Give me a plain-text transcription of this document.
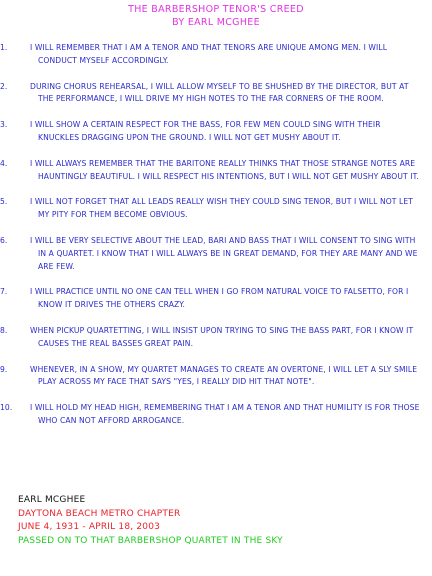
THE BARBERSHOP TENOR'S CREED
BY EARL MCGHEE
1.	I WILL REMEMBER THAT I AM A TENOR AND THAT TENORS ARE UNIQUE AMONG MEN. I WILL CONDUCT MYSELF ACCORDINGLY.
2.	DURING CHORUS REHEARSAL, I WILL ALLOW MYSELF TO BE SHUSHED BY THE DIRECTOR, BUT AT THE PERFORMANCE, I WILL DRIVE MY HIGH NOTES TO THE FAR CORNERS OF THE ROOM.
3.	I WILL SHOW A CERTAIN RESPECT FOR THE BASS, FOR FEW MEN COULD SING WITH THEIR KNUCKLES DRAGGING UPON THE GROUND. I WILL NOT GET MUSHY ABOUT IT.
4.	I WILL ALWAYS REMEMBER THAT THE BARITONE REALLY THINKS THAT THOSE STRANGE NOTES ARE HAUNTINGLY BEAUTIFUL. I WILL RESPECT HIS INTENTIONS, BUT I WILL NOT GET MUSHY ABOUT IT.
5.	I WILL NOT FORGET THAT ALL LEADS REALLY WISH THEY COULD SING TENOR, BUT I WILL NOT LET MY PITY FOR THEM BECOME OBVIOUS.
6.	I WILL BE VERY SELECTIVE ABOUT THE LEAD, BARI AND BASS THAT I WILL CONSENT TO SING WITH IN A QUARTET. I KNOW THAT I WILL ALWAYS BE IN GREAT DEMAND, FOR THEY ARE MANY AND WE ARE FEW.
7.	I WILL PRACTICE UNTIL NO ONE CAN TELL WHEN I GO FROM NATURAL VOICE TO FALSETTO, FOR I KNOW IT DRIVES THE OTHERS CRAZY.
8.	WHEN PICKUP QUARTETTING, I WILL INSIST UPON TRYING TO SING THE BASS PART, FOR I KNOW IT CAUSES THE REAL BASSES GREAT PAIN.
9.	WHENEVER, IN A SHOW, MY QUARTET MANAGES TO CREATE AN OVERTONE, I WILL LET A SLY SMILE PLAY ACROSS MY FACE THAT SAYS "YES, I REALLY DID HIT THAT NOTE".
10. I WILL HOLD MY HEAD HIGH, REMEMBERING THAT I AM A TENOR AND THAT HUMILITY IS FOR THOSE WHO CAN NOT AFFORD ARROGANCE.
EARL MCGHEE
DAYTONA BEACH METRO CHAPTER
JUNE 4, 1931 - APRIL 18, 2003
PASSED ON TO THAT BARBERSHOP QUARTET IN THE SKY
